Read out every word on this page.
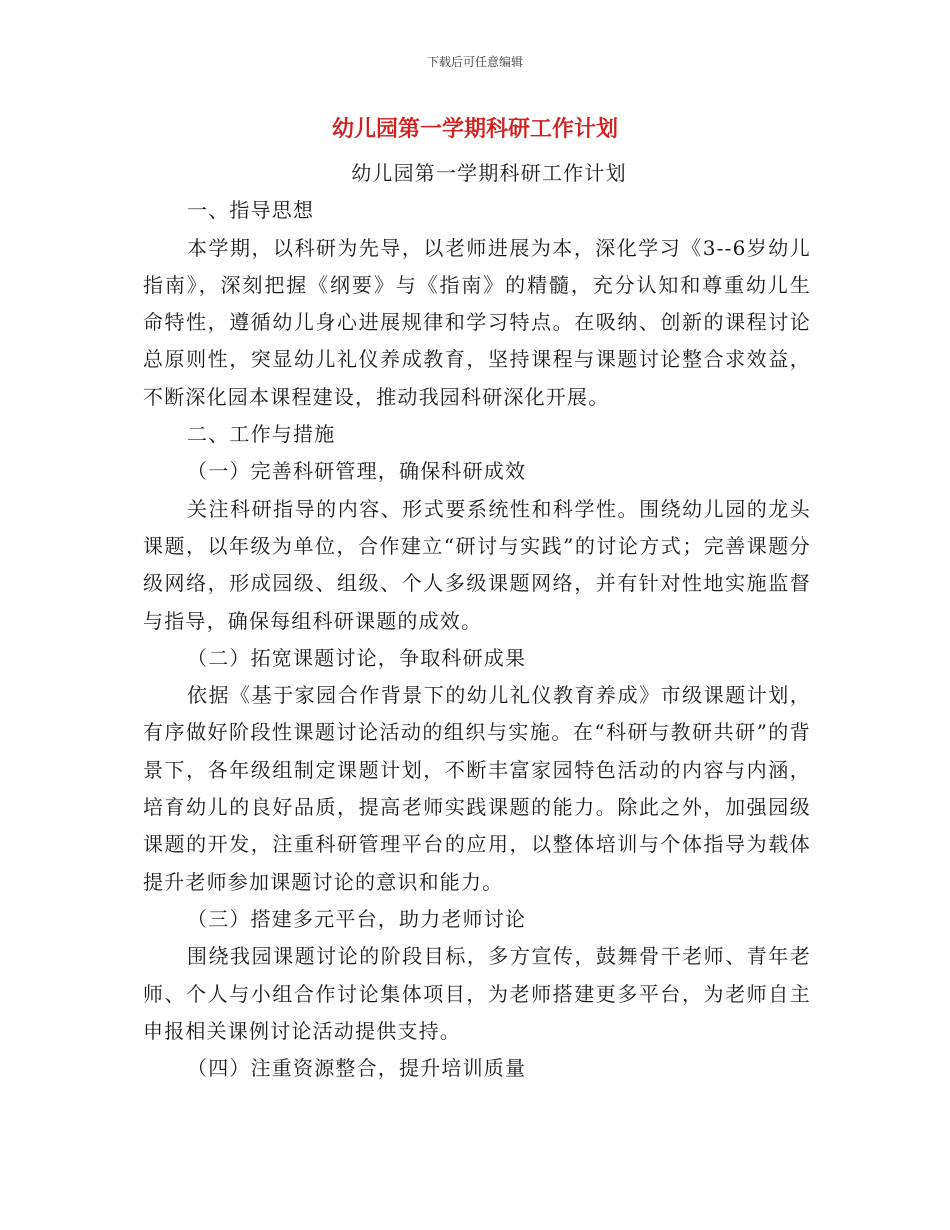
下载后可任意编辑
幼儿园第一学期科研工作计划

幼儿园第一学期科研工作计划

一、指导思想

本学期，以科研为先导，以老师进展为本，深化学习《3--6岁幼儿指南》，深刻把握《纲要》与《指南》的精髓，充分认知和尊重幼儿生命特性，遵循幼儿身心进展规律和学习特点。在吸纳、创新的课程讨论总原则性，突显幼儿礼仪养成教育，坚持课程与课题讨论整合求效益，不断深化园本课程建设，推动我园科研深化开展。

二、工作与措施

（一）完善科研管理，确保科研成效

关注科研指导的内容、形式要系统性和科学性。围绕幼儿园的龙头课题，以年级为单位，合作建立“研讨与实践”的讨论方式；完善课题分级网络，形成园级、组级、个人多级课题网络，并有针对性地实施监督与指导，确保每组科研课题的成效。

（二）拓宽课题讨论，争取科研成果

依据《基于家园合作背景下的幼儿礼仪教育养成》市级课题计划，有序做好阶段性课题讨论活动的组织与实施。在“科研与教研共研”的背景下，各年级组制定课题计划，不断丰富家园特色活动的内容与内涵，培育幼儿的良好品质，提高老师实践课题的能力。除此之外，加强园级课题的开发，注重科研管理平台的应用，以整体培训与个体指导为载体提升老师参加课题讨论的意识和能力。

（三）搭建多元平台，助力老师讨论

围绕我园课题讨论的阶段目标，多方宣传，鼓舞骨干老师、青年老师、个人与小组合作讨论集体项目，为老师搭建更多平台，为老师自主申报相关课例讨论活动提供支持。

（四）注重资源整合，提升培训质量
